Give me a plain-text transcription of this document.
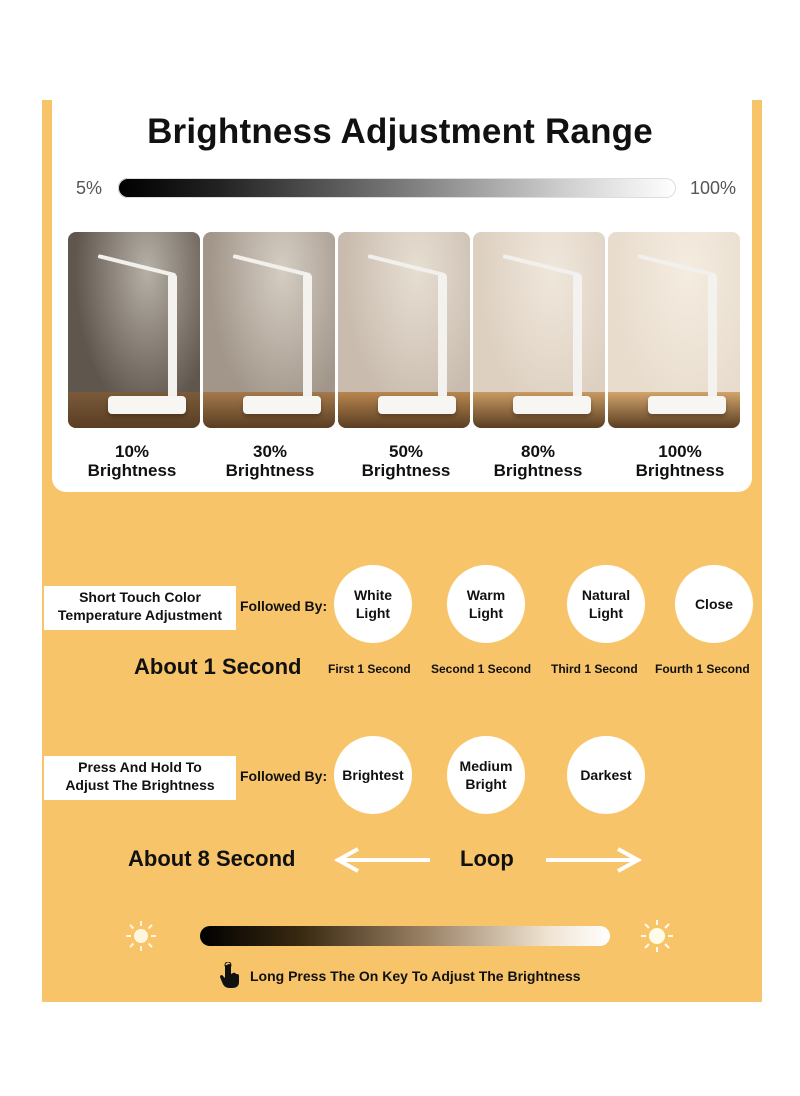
Brightness Adjustment Range
5%	100%
10%
Brightness
30%
Brightness
50%
Brightness
80%
Brightness
100%
Brightness
Short Touch Color
Temperature Adjustment
Followed By:
White
Light
Warm
Light
Natural
Light
Close
About 1 Second First 1 Second Second 1 Second Third 1 Second Fourth 1 Second
Press And Hold To
Adjust The Brightness
Followed By: Brightest
Medium
Bright
Darkest
About 8 Second	Loop
Long Press The On Key To Adjust The Brightness
